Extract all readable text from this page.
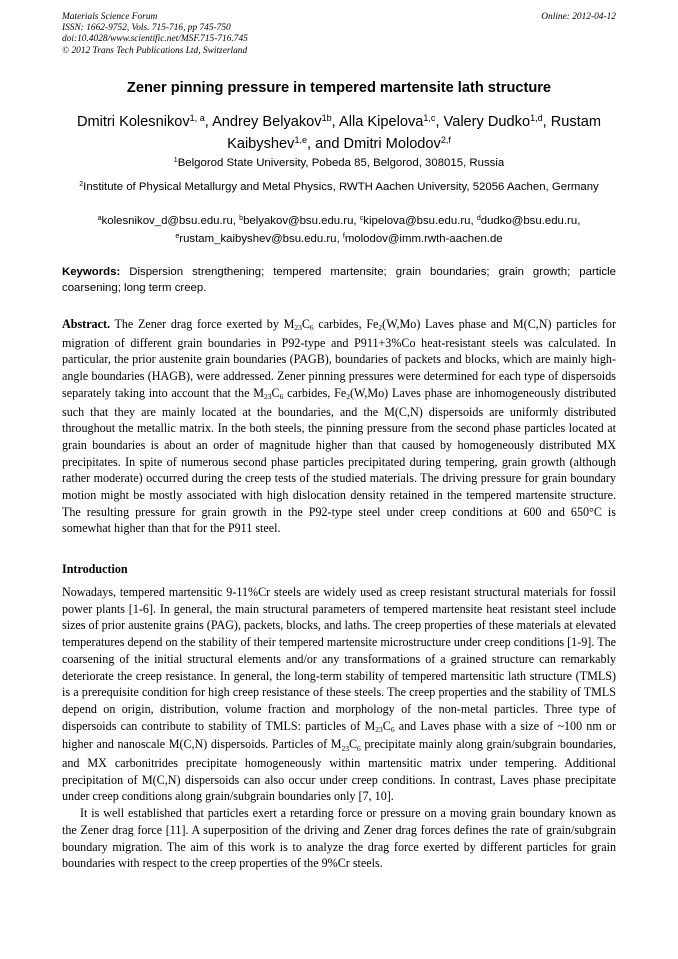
Materials Science Forum
ISSN: 1662-9752, Vols. 715-716, pp 745-750
doi:10.4028/www.scientific.net/MSF.715-716.745
© 2012 Trans Tech Publications Ltd, Switzerland
Online: 2012-04-12
Zener pinning pressure in tempered martensite lath structure
Dmitri Kolesnikov$^{1, a}$, Andrey Belyakov$^{1b}$, Alla Kipelova$^{1,c}$, Valery Dudko$^{1,d}$, Rustam Kaibyshev$^{1,e}$, and Dmitri Molodov$^{2,f}$
$^1$Belgorod State University, Pobeda 85, Belgorod, 308015, Russia
$^2$Institute of Physical Metallurgy and Metal Physics, RWTH Aachen University, 52056 Aachen, Germany
$^a$kolesnikov_d@bsu.edu.ru, $^b$belyakov@bsu.edu.ru, $^c$kipelova@bsu.edu.ru, $^d$dudko@bsu.edu.ru, $^e$rustam_kaibyshev@bsu.edu.ru, $^f$molodov@imm.rwth-aachen.de
Keywords: Dispersion strengthening; tempered martensite; grain boundaries; grain growth; particle coarsening; long term creep.
Abstract. The Zener drag force exerted by $M_{23}C_6$ carbides, $Fe_2(W,Mo)$ Laves phase and M(C,N) particles for migration of different grain boundaries in P92-type and P911+3%Co heat-resistant steels was calculated. In particular, the prior austenite grain boundaries (PAGB), boundaries of packets and blocks, which are mainly high-angle boundaries (HAGB), were addressed. Zener pinning pressures were determined for each type of dispersoids separately taking into account that the $M_{23}C_6$ carbides, $Fe_2(W,Mo)$ Laves phase are inhomogeneously distributed such that they are mainly located at the boundaries, and the M(C,N) dispersoids are uniformly distributed throughout the metallic matrix. In the both steels, the pinning pressure from the second phase particles located at grain boundaries is about an order of magnitude higher than that caused by homogeneously distributed MX precipitates. In spite of numerous second phase particles precipitated during tempering, grain growth (although rather moderate) occurred during the creep tests of the studied materials. The driving pressure for grain boundary motion might be mostly associated with high dislocation density retained in the tempered martensite structure. The resulting pressure for grain growth in the P92-type steel under creep conditions at 600 and 650°C is somewhat higher than that for the P911 steel.
Introduction

Nowadays, tempered martensitic 9-11%Cr steels are widely used as creep resistant structural materials for fossil power plants [1-6]. In general, the main structural parameters of tempered martensite heat resistant steel include sizes of prior austenite grains (PAG), packets, blocks, and laths. The creep properties of these materials at elevated temperatures depend on the stability of their tempered martensite microstructure under creep conditions [1-9]. The coarsening of the initial structural elements and/or any transformations of a grained structure can remarkably deteriorate the creep resistance. In general, the long-term stability of tempered martensitic lath structure (TMLS) is a prerequisite condition for high creep resistance of these steels. The creep properties and the stability of TMLS depend on origin, distribution, volume fraction and morphology of the non-metal particles. Three type of dispersoids can contribute to stability of TMLS: particles of $M_{23}C_6$ and Laves phase with a size of ~100 nm or higher and nanoscale M(C,N) dispersoids. Particles of $M_{23}C_6$ precipitate mainly along grain/subgrain boundaries, and MX carbonitrides precipitate homogeneously within martensitic matrix under tempering. Additional precipitation of M(C,N) dispersoids can also occur under creep conditions. In contrast, Laves phase precipitate under creep conditions along grain/subgrain boundaries only [7, 10].

It is well established that particles exert a retarding force or pressure on a moving grain boundary known as the Zener drag force [11]. A superposition of the driving and Zener drag forces defines the rate of grain/subgrain boundary migration. The aim of this work is to analyze the drag force exerted by different particles for grain boundaries with respect to the creep properties of the 9%Cr steels.
